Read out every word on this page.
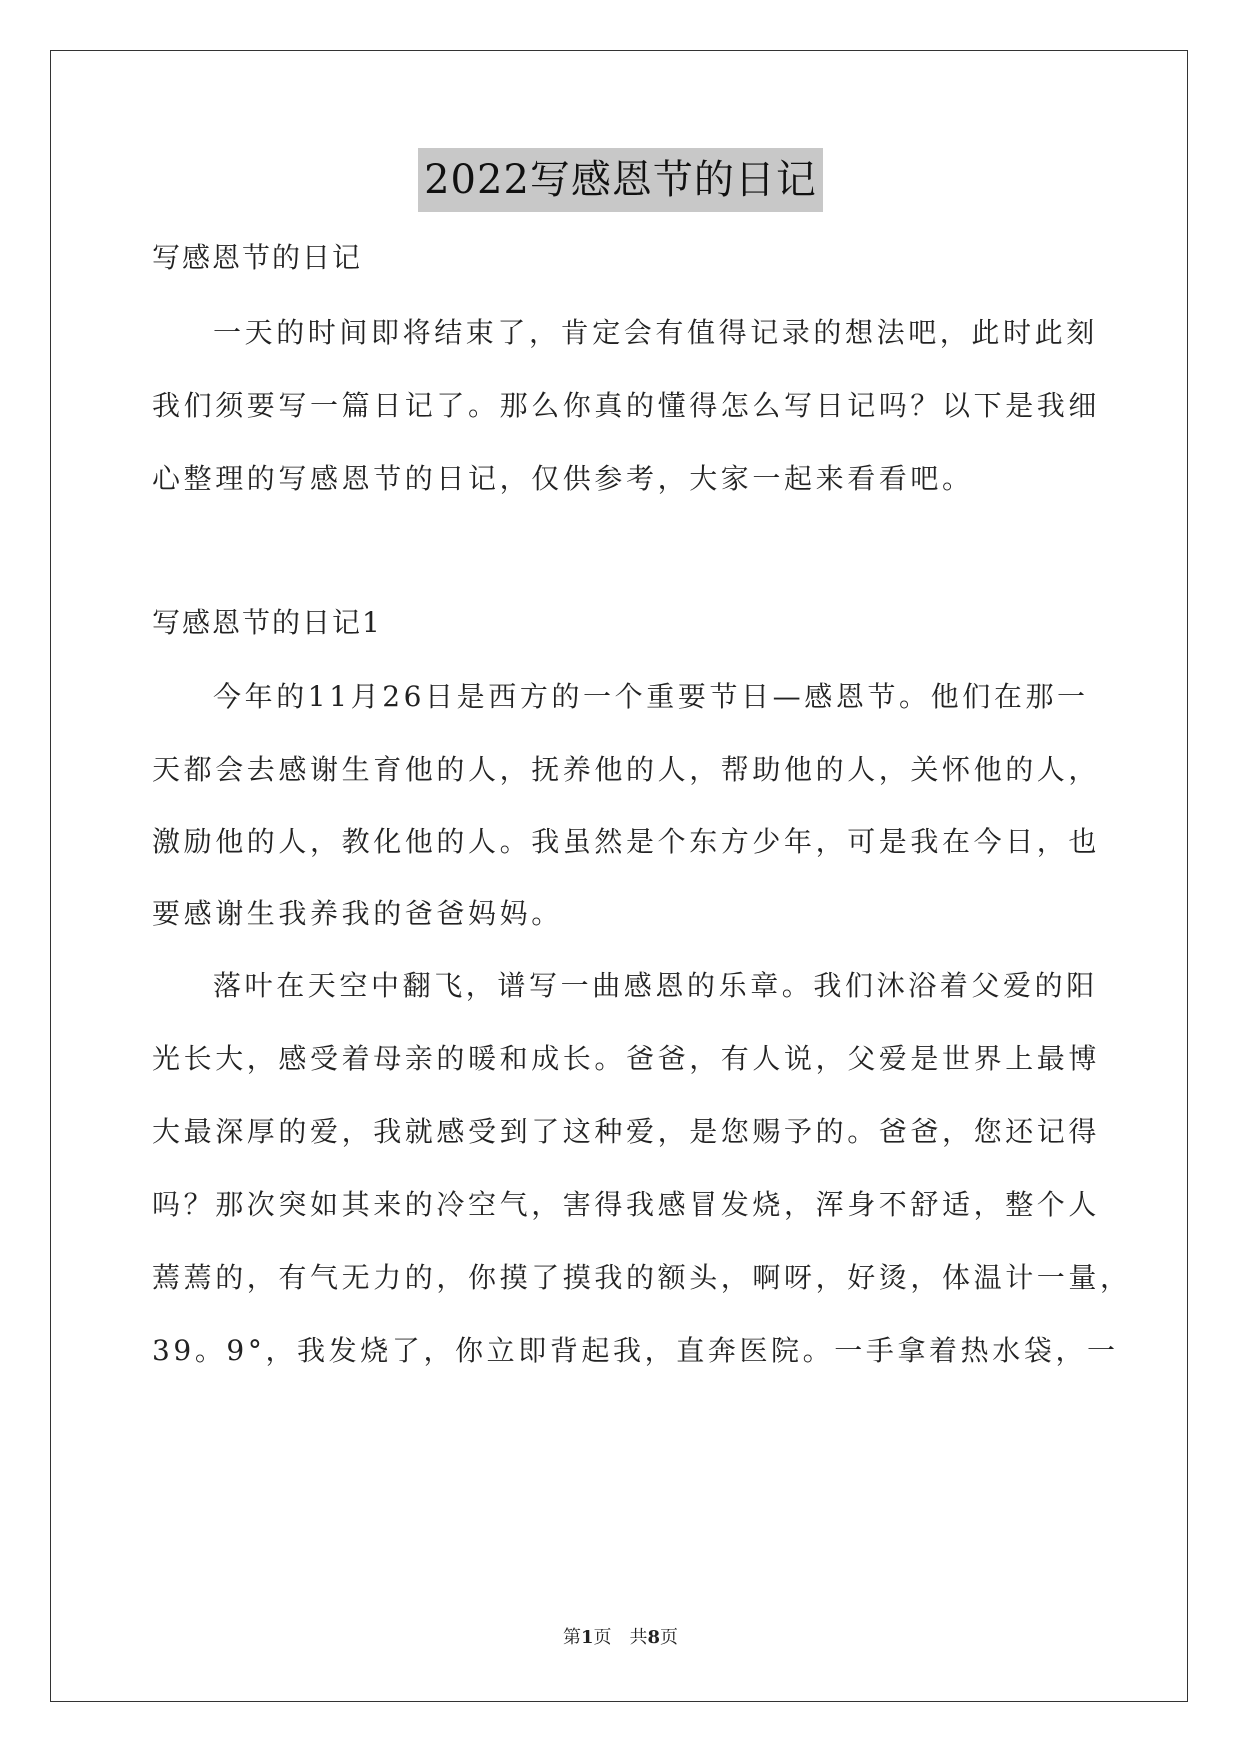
2022写感恩节的日记
写感恩节的日记
一天的时间即将结束了，肯定会有值得记录的想法吧，此时此刻
我们须要写一篇日记了。那么你真的懂得怎么写日记吗？以下是我细
心整理的写感恩节的日记，仅供参考，大家一起来看看吧。
写感恩节的日记1
今年的11月26日是西方的一个重要节日—感恩节。他们在那一
天都会去感谢生育他的人，抚养他的人，帮助他的人，关怀他的人，
激励他的人，教化他的人。我虽然是个东方少年，可是我在今日，也
要感谢生我养我的爸爸妈妈。
落叶在天空中翻飞，谱写一曲感恩的乐章。我们沐浴着父爱的阳
光长大，感受着母亲的暖和成长。爸爸，有人说，父爱是世界上最博
大最深厚的爱，我就感受到了这种爱，是您赐予的。爸爸，您还记得
吗？那次突如其来的冷空气，害得我感冒发烧，浑身不舒适，整个人
蔫蔫的，有气无力的，你摸了摸我的额头，啊呀，好烫，体温计一量，
39。9°，我发烧了，你立即背起我，直奔医院。一手拿着热水袋，一
第1页 共8页
